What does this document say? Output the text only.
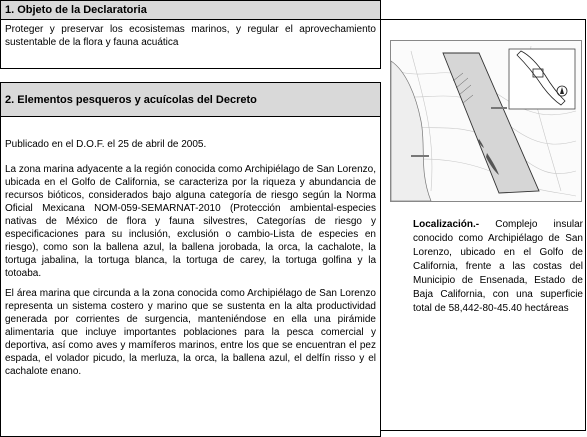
1. Objeto de la Declaratoria
Proteger y preservar los ecosistemas marinos, y regular el aprovechamiento sustentable de la flora y fauna acuática

2. Elementos pesqueros y acuícolas del Decreto

Publicado en el D.O.F. el 25 de abril de 2005.

La zona marina adyacente a la región conocida como Archipiélago de San Lorenzo, ubicada en el Golfo de California, se caracteriza por la riqueza y abundancia de recursos bióticos, considerados bajo alguna categoría de riesgo según la Norma Oficial Mexicana NOM-059-SEMARNAT-2010 (Protección ambiental-especies nativas de México de flora y fauna silvestres, Categorías de riesgo y especificaciones para su inclusión, exclusión o cambio-Lista de especies en riesgo), como son la ballena azul, la ballena jorobada, la orca, la cachalote, la tortuga jabalina, la tortuga blanca, la tortuga de carey, la tortuga golfina y la totoaba.

El área marina que circunda a la zona conocida como Archipiélago de San Lorenzo representa un sistema costero y marino que se sustenta en la alta productividad generada por corrientes de surgencia, manteniéndose en ella una pirámide alimentaria que incluye importantes poblaciones para la pesca comercial y deportiva, así como aves y mamíferos marinos, entre los que se encuentran el pez espada, el volador picudo, la merluza, la orca, la ballena azul, el delfín risso y el cachalote enano.

Localización.- Complejo insular conocido como Archipiélago de San Lorenzo, ubicado en el Golfo de California, frente a las costas del Municipio de Ensenada, Estado de Baja California, con una superficie total de 58,442-80-45.40 hectáreas
